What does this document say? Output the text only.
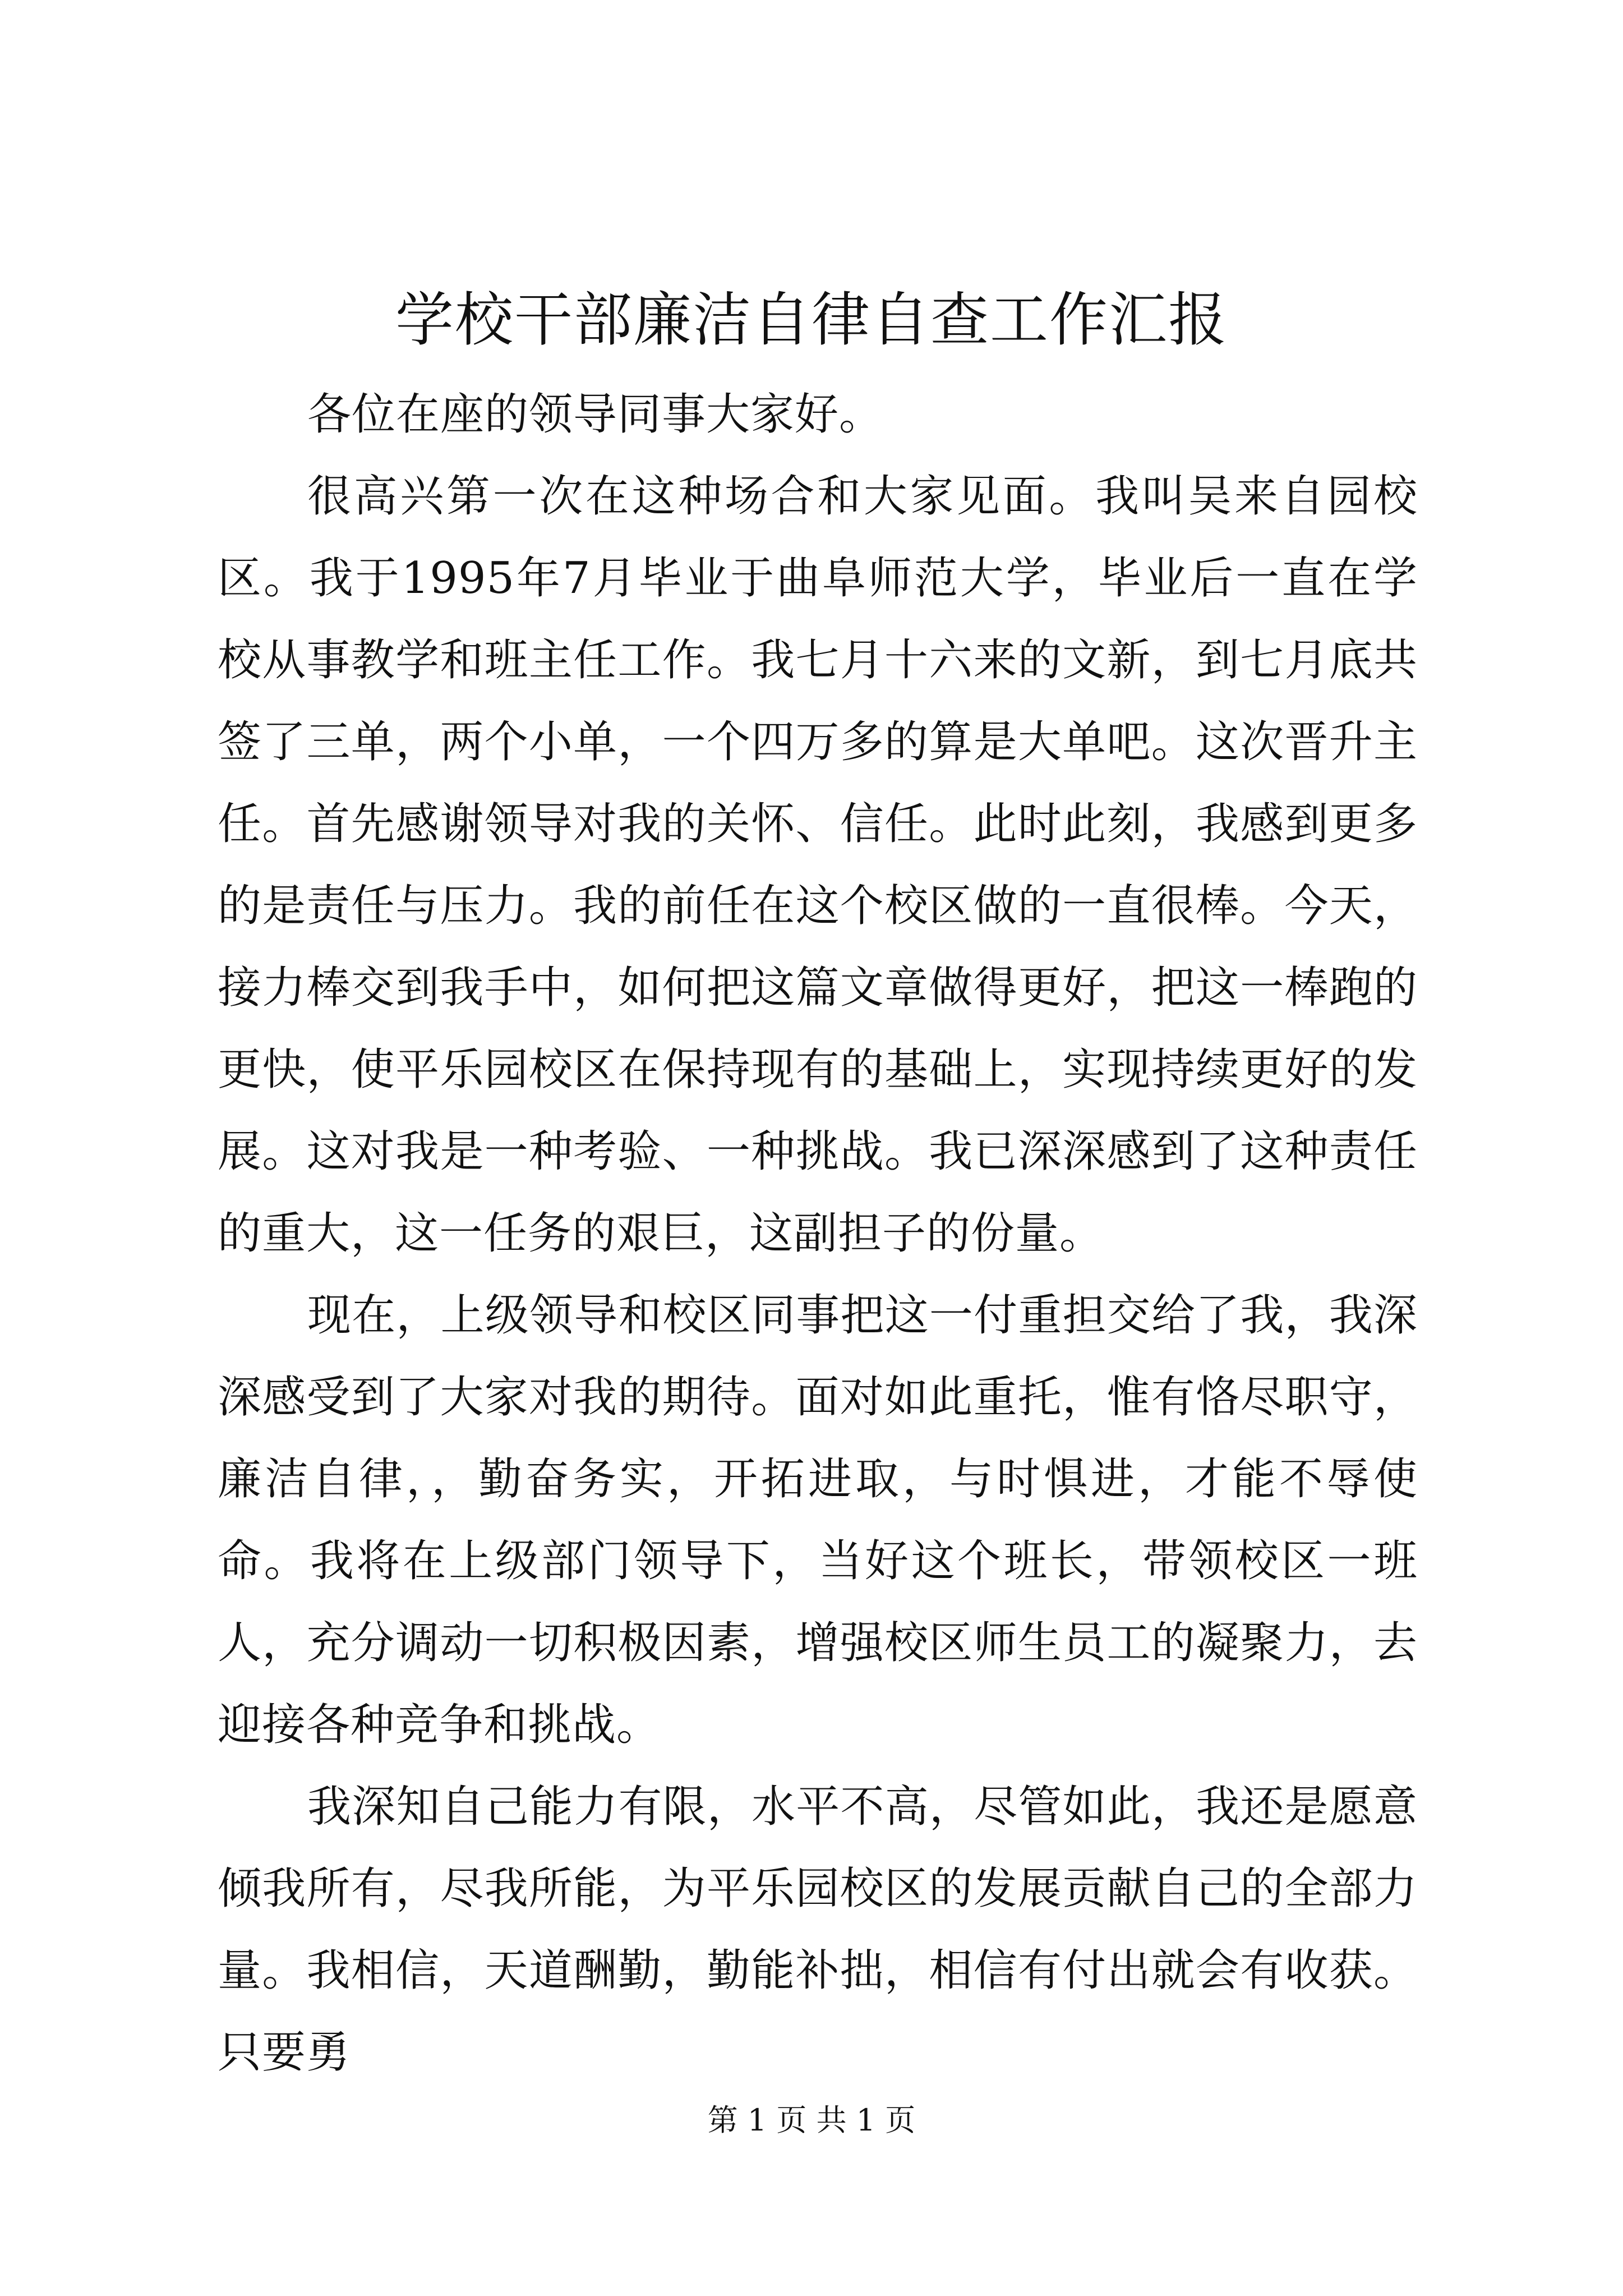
学校干部廉洁自律自查工作汇报

各位在座的领导同事大家好。

很高兴第一次在这种场合和大家见面。我叫吴来自园校区。我于1995年7月毕业于曲阜师范大学，毕业后一直在学校从事教学和班主任工作。我七月十六来的文新，到七月底共签了三单，两个小单，一个四万多的算是大单吧。这次晋升主任。首先感谢领导对我的关怀、信任。此时此刻，我感到更多的是责任与压力。我的前任在这个校区做的一直很棒。今天，接力棒交到我手中，如何把这篇文章做得更好，把这一棒跑的更快，使平乐园校区在保持现有的基础上，实现持续更好的发展。这对我是一种考验、一种挑战。我已深深感到了这种责任的重大，这一任务的艰巨，这副担子的份量。

现在，上级领导和校区同事把这一付重担交给了我，我深深感受到了大家对我的期待。面对如此重托，惟有恪尽职守，廉洁自律，，勤奋务实，开拓进取，与时惧进，才能不辱使命。我将在上级部门领导下，当好这个班长，带领校区一班人，充分调动一切积极因素，增强校区师生员工的凝聚力，去迎接各种竞争和挑战。

我深知自己能力有限，水平不高，尽管如此，我还是愿意倾我所有，尽我所能，为平乐园校区的发展贡献自己的全部力量。我相信，天道酬勤，勤能补拙，相信有付出就会有收获。只要勇

第 1 页 共 1 页
